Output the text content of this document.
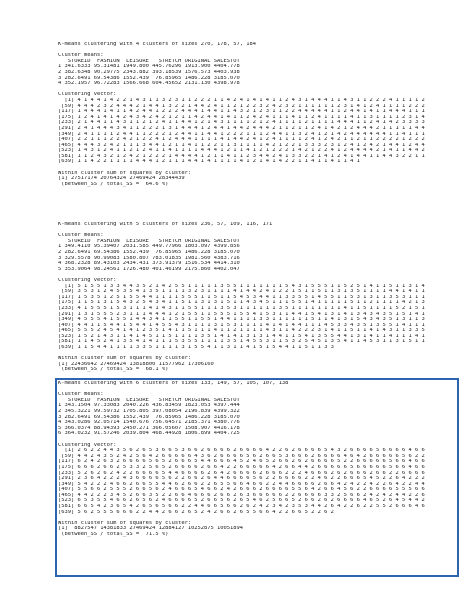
K-means clustering with 4 clusters of sizes 270, 178, 57, 184
Cluster means:
STOREID  FASHION  LEISURE   STRETCH ORIGINAL SALESTOT
1 341.6333 95.31481 1949.800 445.76296 1913.900 4404.778
2 382.6348 90.29775 2343.882 393.18539 1576.573 4403.938
3 282.6491 69.54386 1552.439  76.85965 1486.228 3185.070
4 352.1957 96.72283 1566.668 604.45652 2131.130 4398.978
Clustering vector:
[1] 4 1 4 4 1 4 2 2 1 4 3 1 1 3 2 3 1 1 2 2 2 1 1 4 2 4 1 4 1 4 1 1 2 4 3 1 4 4 4 1 1 4 3 1 1 2 2 2 4 1 1 1 1 2
[59] 4 4 4 2 3 2 4 4 4 2 1 4 4 1 3 2 2 1 4 4 2 4 1 1 2 1 2 2 3 2 4 2 3 2 1 1 1 1 1 1 2 3 1 4 1 2 4 1 1 1 1 2 2 2
[117] 1 4 4 4 1 4 1 1 4 2 4 4 1 2 2 2 4 4 4 1 4 4 1 1 4 3 2 1 2 3 1 1 2 2 4 4 4 4 4 1 1 2 4 4 1 4 1 1 4 4 4 1 1 1
[175] 1 2 4 1 4 1 4 2 4 3 4 2 4 2 1 2 1 1 4 2 4 4 1 4 1 1 2 4 2 4 1 1 1 4 1 1 2 4 1 1 1 1 4 1 1 3 1 1 1 1 2 3 1 4
[233] 2 1 4 4 1 1 4 3 1 1 2 1 2 4 1 1 4 4 1 2 1 4 3 1 1 1 1 2 1 2 4 1 1 1 1 2 1 1 1 1 4 4 4 1 1 2 4 1 4 2 3 3 3 3
[291] 2 4 1 4 4 4 3 4 1 1 2 2 2 1 3 1 4 4 4 1 2 4 4 1 4 4 2 4 4 4 2 1 1 2 1 1 2 4 1 4 2 1 2 4 4 4 2 1 1 1 1 1 4 4
[349] 2 4 1 1 1 1 2 4 4 1 1 2 2 2 1 2 4 4 1 1 4 4 1 2 2 2 1 1 1 2 4 4 1 1 3 2 4 1 2 1 4 2 4 4 4 4 4 4 1 1 4 1 1 1
[407] 2 2 1 1 1 2 2 4 2 1 2 2 4 1 2 4 4 4 1 1 1 1 4 1 4 4 2 4 1 2 4 1 1 1 1 2 4 1 2 4 2 1 1 2 1 1 2 2 2 2 1 2 2 2
[465] 4 4 4 3 2 4 2 1 1 1 3 4 4 1 2 1 1 4 1 1 2 2 1 1 3 1 1 1 1 4 2 1 2 2 1 3 3 3 2 3 1 2 4 1 2 4 2 1 4 4 1 2 4 4
[523] 1 4 3 1 2 4 1 1 2 1 2 4 1 1 4 1 1 1 1 4 4 4 1 2 1 1 4 1 2 1 2 2 2 1 4 2 1 2 2 4 1 2 4 4 4 4 2 1 4 1 1 4 4 2
[581] 1 1 2 4 3 2 1 2 4 2 1 2 2 2 1 4 4 4 4 1 2 1 1 4 1 1 2 3 4 4 2 4 1 3 3 2 2 1 4 1 2 4 1 4 4 1 1 4 4 3 2 2 1 1
[639] 1 1 4 2 2 1 1 1 1 4 4 4 1 2 1 1 1 4 4 1 4 1 1 1 1 4 1 2 1 4 1 4 2 2 1 1 4 1 1 4 1 1 4 1
Within cluster sum of squares by cluster:
[1] 27517174 20764324 27469424 28344439
(between_SS / total_SS =  64.6 %)
K-means clustering with 5 clusters of sizes 236, 57, 109, 116, 171
Cluster means:
STOREID  FASHION  LEISURE   STRETCH ORIGINAL SALESTOT
1 349.4110 95.39407 2031.585 449.77966 1803.097 4399.856
2 282.6491 69.54386 1552.439  76.85965 1486.228 3185.070
3 329.5578 90.99083 1580.807 783.01835 1981.560 4383.716
4 368.2328 89.43103 2434.431 373.91379 1516.534 4414.310
5 353.9064 98.24561 1726.480 401.46199 2175.860 4402.047
Clustering vector:
[1] 5 1 5 5 1 3 3 4 4 3 5 2 1 4 2 5 5 1 1 1 1 1 3 5 5 1 1 1 1 1 1 1 5 4 3 1 5 5 5 1 1 5 2 5 1 4 1 1 5 1 1 3 1 4
[59] 3 5 3 1 2 4 5 3 5 4 1 3 5 1 1 1 1 3 2 3 1 1 1 1 4 1 4 4 2 4 1 2 2 1 5 1 1 5 1 1 3 1 3 5 1 1 1 1 4 4 1 4 1 1
[117] 1 5 3 5 1 2 5 1 5 5 4 4 1 1 1 1 5 5 5 1 1 5 1 1 5 4 5 3 4 4 1 1 3 3 5 5 1 4 5 5 1 1 5 3 1 3 1 1 3 5 3 1 1 1
[175] 1 1 5 1 3 1 5 4 3 2 5 4 3 4 1 1 5 1 1 3 1 3 1 5 1 1 4 3 4 5 1 1 1 5 5 1 4 1 1 1 1 1 5 1 1 2 1 1 1 1 4 2 1 3
[233] 4 1 5 5 5 1 5 3 1 1 1 4 1 4 3 1 1 5 5 1 1 1 3 5 3 1 1 1 1 1 1 3 5 1 1 1 1 1 1 1 1 4 1 1 5 1 1 1 1 5 2 1 5 1
[291] 1 3 1 5 5 5 2 3 1 1 1 4 4 4 1 2 1 5 5 1 1 5 5 5 1 5 5 4 1 5 3 1 1 4 4 1 5 4 1 3 1 4 1 3 4 3 4 3 5 1 5 1 4 1
[349] 4 5 5 5 4 1 5 5 1 4 4 3 4 1 1 5 5 1 1 5 5 1 4 4 1 1 1 1 3 3 1 1 1 1 1 1 5 1 1 4 1 3 1 5 4 3 4 3 5 1 3 1 1 3
[407] 4 4 1 1 5 4 4 1 5 4 4 1 4 5 5 4 3 1 1 1 1 3 1 5 3 1 1 1 1 4 1 4 1 4 4 1 1 1 4 5 3 3 4 3 5 1 3 5 5 1 4 1 1 1
[465] 5 5 5 2 4 5 4 1 4 1 2 3 5 1 4 1 1 5 1 1 1 4 1 1 2 1 1 1 1 4 3 1 1 4 2 2 2 3 1 4 1 1 5 1 1 4 1 4 3 1 1 3 3 5
[523] 1 5 2 1 4 3 1 1 4 1 4 5 1 1 5 1 1 1 1 3 5 1 4 1 4 1 3 1 3 1 4 4 1 1 5 4 1 3 5 5 4 4 1 3 1 4 1 1 4 1 1 1 4 1
[581] 1 1 4 5 2 4 1 3 5 4 1 4 1 1 1 5 3 5 5 1 1 1 1 3 5 1 4 5 5 3 1 1 5 3 2 5 4 5 1 3 5 4 1 1 4 5 3 1 1 3 1 5 1 1
[639] 1 1 5 4 4 1 1 1 1 3 3 5 1 1 1 1 3 1 5 5 4 1 1 3 1 1 4 1 5 1 5 4 4 1 1 5 1 1 3 3
Within cluster sum of squares by cluster:
[1] 22436642 27469424 13818800 11577962 17306160
(between_SS / total_SS =  68.1 %)
K-means clustering with 6 clusters of sizes 133, 149, 57, 105, 107, 138
Cluster means:
STOREID  FASHION  LEISURE   STRETCH ORIGINAL SALESTOT
1 343.1504 97.33083 2040.226 436.83459 1823.053 4397.444
2 345.3221 99.59732 1705.805 397.08054 2196.839 4399.322
3 282.6491 69.54386 1552.439  76.85965 1486.228 3185.070
4 343.0286 92.05714 1540.676 756.64571 2185.371 4380.776
5 366.0374 88.94393 2450.271 366.05607 1508.907 4416.178
6 364.0232 91.57246 2039.804 468.44928 1806.899 4404.725
Clustering vector:
[1] 2 6 2 2 4 4 3 5 6 2 6 5 3 6 6 5 3 6 6 2 6 6 6 6 2 6 6 6 6 4 2 2 6 2 6 6 6 6 5 4 3 2 6 6 6 6 5 6 6 6 6 4 6 6
[59] 4 4 2 4 3 5 2 4 2 5 6 4 2 6 6 6 6 6 4 3 6 2 6 6 6 6 5 6 2 6 6 5 3 6 6 6 2 6 6 6 6 4 6 4 2 6 6 6 6 6 5 6 2 2
[117] 6 2 4 2 6 3 2 6 6 6 6 5 6 5 2 6 6 6 5 4 4 6 6 6 4 5 2 4 6 5 2 6 6 2 6 2 6 6 6 6 5 2 2 6 6 6 6 6 5 6 6 4 6 6
[175] 6 6 6 2 6 6 2 5 3 3 2 5 6 5 2 6 6 6 6 2 6 6 4 2 2 6 6 6 6 6 4 2 6 6 4 4 2 6 6 6 6 6 5 6 6 6 6 6 5 6 6 4 6 6
[233] 5 2 6 2 6 2 4 2 2 6 6 6 6 5 4 4 6 6 6 6 2 6 4 2 6 6 6 6 2 6 6 6 2 2 2 4 6 6 6 2 6 2 6 6 6 2 6 6 2 2 6 6 6 6
[291] 2 3 6 4 2 2 2 4 3 6 6 6 6 5 6 2 2 6 6 2 6 4 4 6 6 6 6 5 6 2 2 6 6 6 6 2 2 4 6 2 2 6 6 6 5 4 5 2 2 6 4 2 2 2
[349] 5 4 2 2 2 4 6 6 2 6 6 5 5 4 4 6 2 6 6 2 2 6 5 5 6 6 4 6 6 2 2 4 4 6 6 6 6 2 6 6 4 2 4 2 2 4 2 2 6 4 2 2 4 4
[407] 5 5 6 6 2 5 5 5 2 6 6 5 6 2 4 6 6 6 5 4 6 6 2 4 2 6 6 6 2 6 6 6 6 5 5 6 4 2 6 6 4 5 6 2 2 6 6 6 6 5 5 5 6 6
[465] 4 4 2 2 2 3 4 5 2 6 6 3 5 2 2 6 6 4 6 6 6 2 6 6 2 6 3 6 6 6 6 6 2 2 6 6 6 6 3 3 2 5 6 6 2 4 2 4 2 4 4 2 2 6
[523] 6 5 3 5 5 4 6 6 2 6 5 6 2 4 6 6 6 6 5 2 6 6 5 6 2 6 5 4 6 2 5 6 6 5 2 6 6 2 6 2 6 6 6 6 4 6 5 2 6 4 5 4 4 2
[581] 6 6 5 4 2 3 6 5 4 2 6 5 6 5 6 6 2 2 4 4 6 6 5 6 6 2 6 2 4 2 3 4 2 3 5 3 4 4 2 6 4 2 2 6 2 2 5 5 2 6 6 6 4 6
[639] 5 6 2 5 5 5 6 6 6 2 2 4 4 2 6 6 2 6 5 2 4 2 6 6 2 6 5 5 6 6 4 2 2 6 6 5 2 2 6 2
Within cluster sum of squares by cluster:
[1]  8827547 14381833 27469424 12884127 10252875 10051894
(between_SS / total_SS =  71.5 %)
